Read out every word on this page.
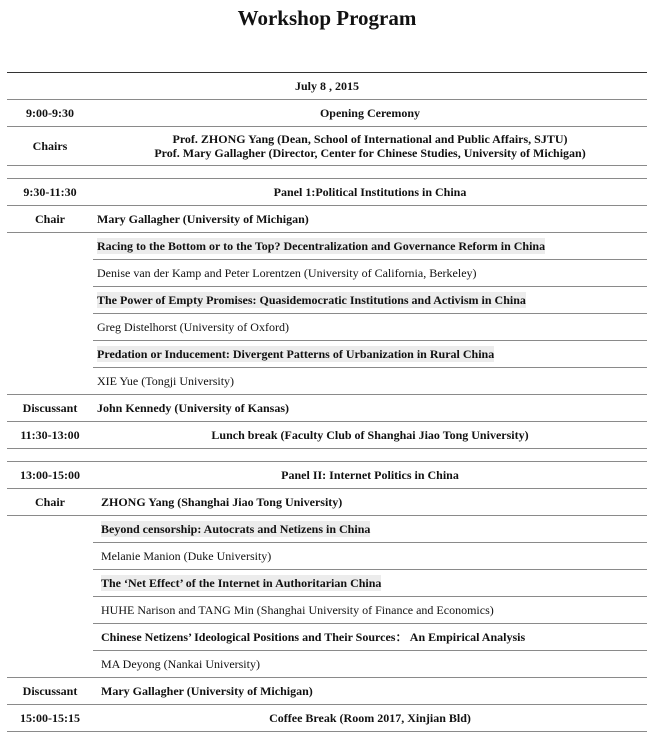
Workshop Program
July 8 , 2015	
9:00-9:30	Opening Ceremony
Chairs	Prof. ZHONG Yang (Dean, School of International and Public Affairs, SJTU)
Prof. Mary Gallagher (Director, Center for Chinese Studies, University of Michigan)

9:30-11:30	Panel 1:Political Institutions in China
Chair	Mary Gallagher (University of Michigan)
	Racing to the Bottom or to the Top? Decentralization and Governance Reform in China
	Denise van der Kamp and Peter Lorentzen (University of California, Berkeley)
	The Power of Empty Promises: Quasidemocratic Institutions and Activism in China
	Greg Distelhorst (University of Oxford)
	Predation or Inducement: Divergent Patterns of Urbanization in Rural China
	XIE Yue (Tongji University)
Discussant	John Kennedy (University of Kansas)
11:30-13:00	Lunch break (Faculty Club of Shanghai Jiao Tong University)

13:00-15:00	Panel II: Internet Politics in China
Chair	ZHONG Yang (Shanghai Jiao Tong University)
	Beyond censorship: Autocrats and Netizens in China
	Melanie Manion (Duke University)
	The ‘Net Effect’ of the Internet in Authoritarian China
	HUHE Narison and TANG Min (Shanghai University of Finance and Economics)
	Chinese Netizens’ Ideological Positions and Their Sources： An Empirical Analysis
	MA Deyong (Nankai University)
Discussant	Mary Gallagher (University of Michigan)
15:00-15:15	Coffee Break (Room 2017, Xinjian Bld)
